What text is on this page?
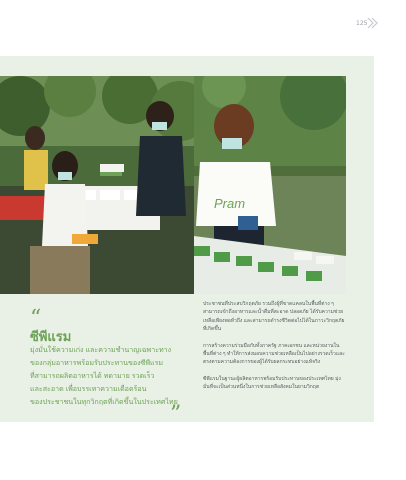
125
Pram
“
ซีพีแรม

มุ่งมั่นใช้ความเก่ง และความชำนาญเฉพาะทาง

ของกลุ่มอาหารพร้อมรับประทานของซีพีแรม

ที่สามารถผลิตอาหารได้ ทดามาย รวดเร็ว

และสะอาด เพื่อบรรเทาความเดือดร้อน

ของประชาชนในทุกวิกฤตที่เกิดขึ้นในประเทศไทย

”

ประชาชนที่ประสบวิกฤตภัย รวมถึงผู้ที่ขาดแคลนในพื้นที่ต่าง ๆ สามารถเข้าถึงอาหารและน้ำดื่มที่สะอาด ปลอดภัย ได้รับความช่วยเหลือเพียงพอทั่วถึง และสามารถดำรงชีวิตต่อไปได้ในภาวะวิกฤตภัยที่เกิดขึ้น

การสร้างความร่วมมือกับทั้งภาครัฐ ภาคเอกชน และหน่วยงานในพื้นที่ต่าง ๆ ทำให้การส่งมอบความช่วยเหลือเป็นไปอย่างรวดเร็วและตรงตามความต้องการของผู้ได้รับผลกระทบอย่างแท้จริง

ซีพีแรมในฐานะผู้ผลิตอาหารพร้อมรับประทานของประเทศไทย มุ่งมั่นที่จะเป็นส่วนหนึ่งในการช่วยเหลือสังคมในยามวิกฤต
